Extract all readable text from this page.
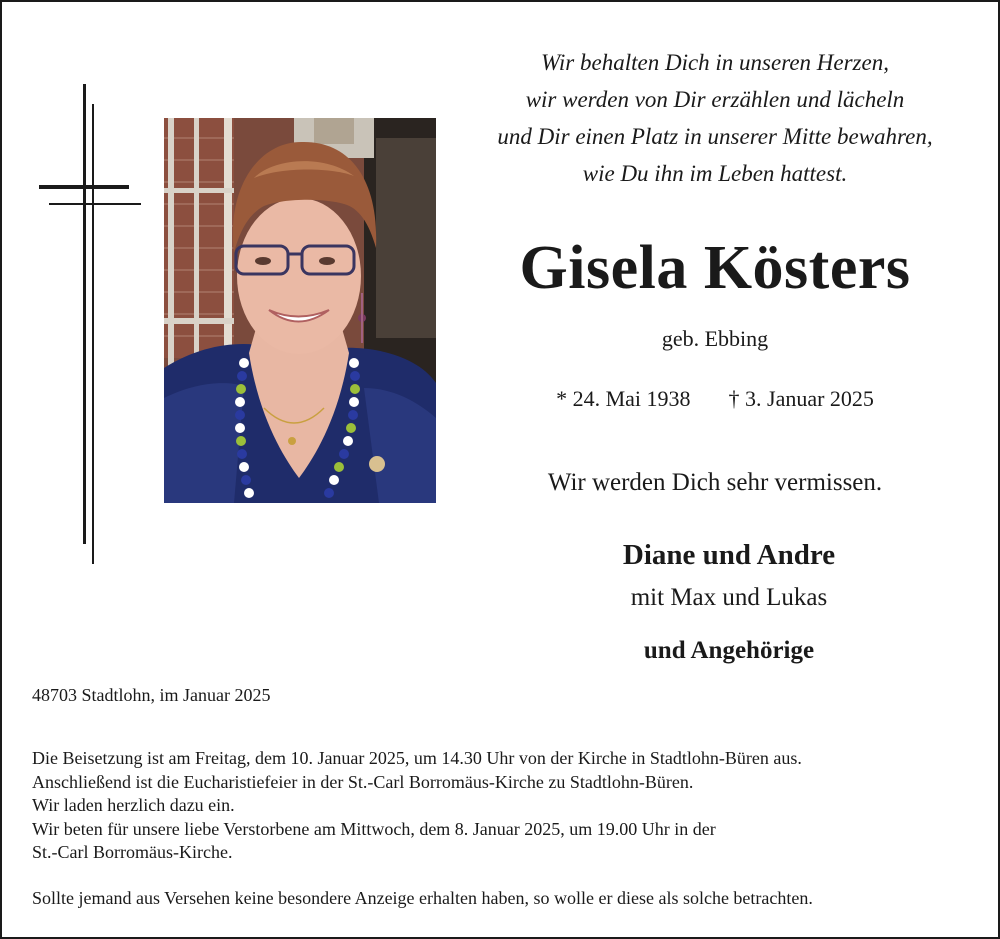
Wir behalten Dich in unseren Herzen,
wir werden von Dir erzählen und lächeln
und Dir einen Platz in unserer Mitte bewahren,
wie Du ihn im Leben hattest.
Gisela Kösters
geb. Ebbing
* 24. Mai 1938 † 3. Januar 2025
Wir werden Dich sehr vermissen.
Diane und Andre
mit Max und Lukas
und Angehörige
48703 Stadtlohn, im Januar 2025
Die Beisetzung ist am Freitag, dem 10. Januar 2025, um 14.30 Uhr von der Kirche in Stadtlohn-Büren aus.
Anschließend ist die Eucharistiefeier in der St.-Carl Borromäus-Kirche zu Stadtlohn-Büren.
Wir laden herzlich dazu ein.
Wir beten für unsere liebe Verstorbene am Mittwoch, dem 8. Januar 2025, um 19.00 Uhr in der
St.-Carl Borromäus-Kirche.
Sollte jemand aus Versehen keine besondere Anzeige erhalten haben, so wolle er diese als solche betrachten.
